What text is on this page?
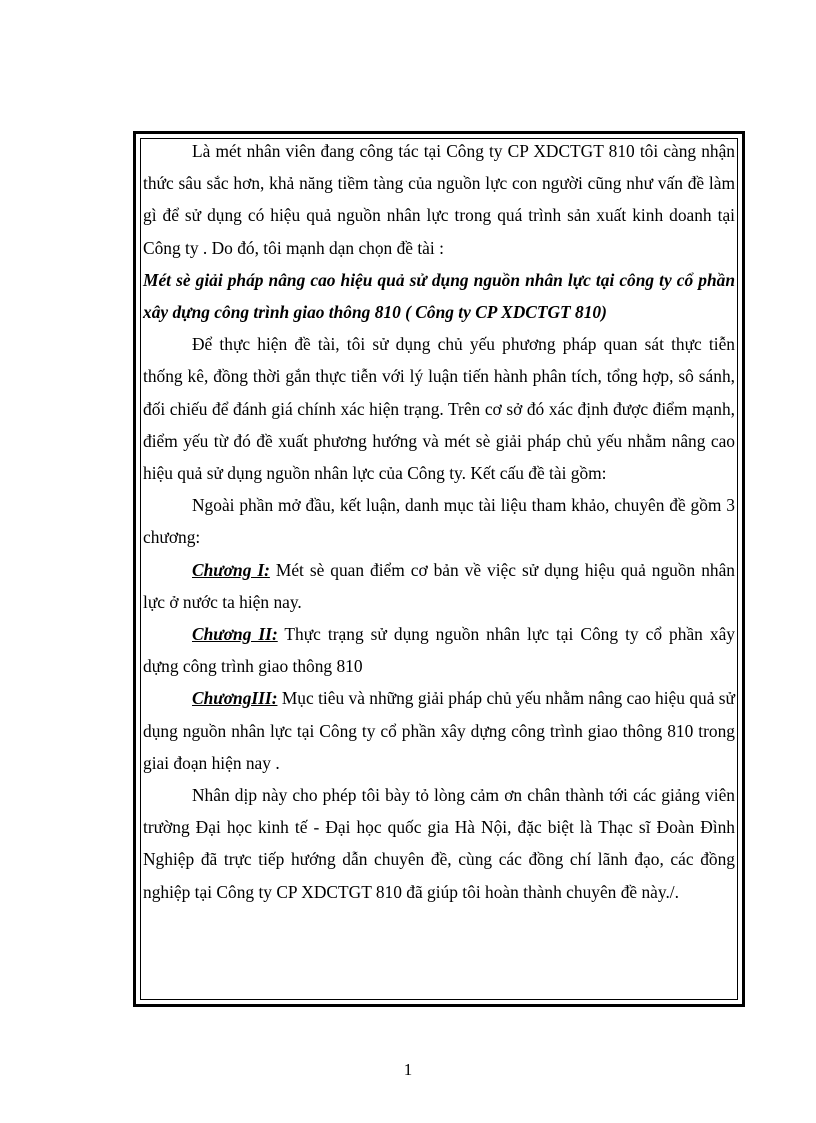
Là mét nhân viên đang công tác tại Công ty CP XDCTGT 810 tôi càng nhận thức sâu sắc hơn, khả năng tiềm tàng của nguồn lực con người cũng như vấn đề làm gì để sử dụng có hiệu quả nguồn nhân lực trong quá trình sản xuất kinh doanh tại Công ty . Do đó, tôi mạnh dạn chọn đề tài :

Mét sè giải pháp nâng cao hiệu quả sử dụng nguồn nhân lực tại công ty cổ phần xây dựng công trình giao thông 810 ( Công ty CP XDCTGT 810)

Để thực hiện đề tài, tôi sử dụng chủ yếu phương pháp quan sát thực tiễn thống kê, đồng thời gắn thực tiễn với lý luận tiến hành phân tích, tổng hợp, sô sánh, đối chiếu để đánh giá chính xác hiện trạng. Trên cơ sở đó xác định được điểm mạnh, điểm yếu từ đó đề xuất phương hướng và mét sè giải pháp chủ yếu nhằm nâng cao hiệu quả sử dụng nguồn nhân lực của Công ty. Kết cấu đề tài gồm:

Ngoài phần mở đầu, kết luận, danh mục tài liệu tham khảo, chuyên đề gồm 3 chương:

Chương I: Mét sè quan điểm cơ bản về việc sử dụng hiệu quả nguồn nhân lực ở nước ta hiện nay.

Chương II: Thực trạng sử dụng nguồn nhân lực tại Công ty cổ phần xây dựng công trình giao thông 810

ChươngIII: Mục tiêu và những giải pháp chủ yếu nhằm nâng cao hiệu quả sử dụng nguồn nhân lực tại Công ty cổ phần xây dựng công trình giao thông 810 trong giai đoạn hiện nay .

Nhân dịp này cho phép tôi bày tỏ lòng cảm ơn chân thành tới các giảng viên trường Đại học kinh tế - Đại học quốc gia Hà Nội, đặc biệt là Thạc sĩ Đoàn Đình Nghiệp đã trực tiếp hướng dẫn chuyên đề, cùng các đồng chí lãnh đạo, các đồng nghiệp tại Công ty CP XDCTGT 810 đã giúp tôi hoàn thành chuyên đề này./.

1
